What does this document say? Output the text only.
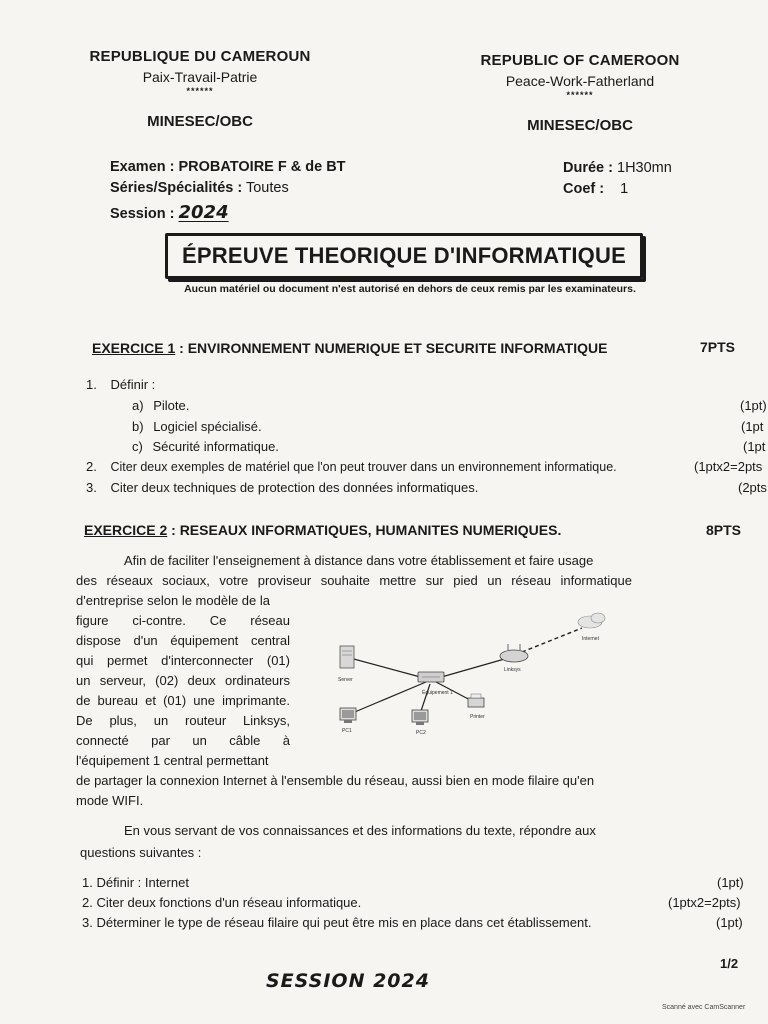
REPUBLIQUE DU CAMEROUN
Paix-Travail-Patrie
******
MINESEC/OBC
REPUBLIC OF CAMEROON
Peace-Work-Fatherland
******
MINESEC/OBC
Examen : PROBATOIRE F & de BT
Séries/Spécialités : Toutes
Session : 2024
Durée : 1H30mn
Coef : 1
ÉPREUVE THEORIQUE D'INFORMATIQUE
Aucun matériel ou document n'est autorisé en dehors de ceux remis par les examinateurs.
EXERCICE 1 : ENVIRONNEMENT NUMERIQUE ET SECURITE INFORMATIQUE	7PTS
1. Définir :
a) Pilote.	(1pt)
b) Logiciel spécialisé.	(1pt
c) Sécurité informatique.	(1pt
2. Citer deux exemples de matériel que l'on peut trouver dans un environnement informatique.	(1ptx2=2pts
3. Citer deux techniques de protection des données informatiques.	(2pts
EXERCICE 2 : RESEAUX INFORMATIQUES, HUMANITES NUMERIQUES.	8PTS
Afin de faciliter l'enseignement à distance dans votre établissement et faire usage
des réseaux sociaux, votre proviseur souhaite mettre sur pied un réseau informatique
d'entreprise selon le modèle de la
figure ci-contre. Ce réseau
dispose d'un équipement central
qui permet d'interconnecter (01)
un serveur, (02) deux ordinateurs
de bureau et (01) une imprimante.
De plus, un routeur Linksys,
connecté par un câble à
l'équipement 1 central permettant
Server
Équipement 1
Linksys
Internet
PC1	PC2
Printer
de partager la connexion Internet à l'ensemble du réseau, aussi bien en mode filaire qu'en
mode WIFI.
En vous servant de vos connaissances et des informations du texte, répondre aux
questions suivantes :
1. Définir : Internet	(1pt)
2. Citer deux fonctions d'un réseau informatique.	(1ptx2=2pts)
3. Déterminer le type de réseau filaire qui peut être mis en place dans cet établissement.	(1pt)
1/2
SESSION 2024
Scanné avec CamScanner
